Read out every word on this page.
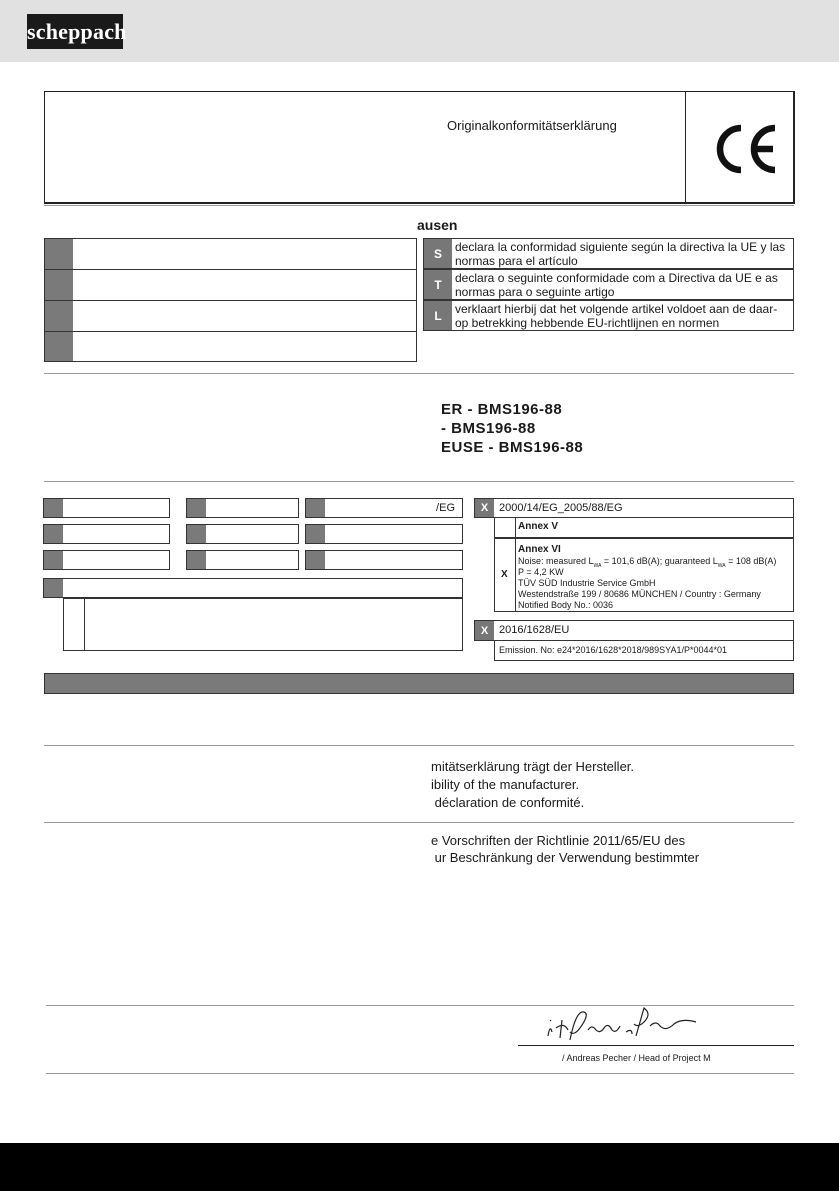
scheppach
Originalkonformitätserklärung
ausen
S	declara la conformidad siguiente según la directiva la UE y las normas para el artículo
T	declara o seguinte conformidade com a Directiva da UE e as normas para o seguinte artigo
L	verklaart hierbij dat het volgende artikel voldoet aan de daar-op betrekking hebbende EU-richtlijnen en normen
ER - BMS196-88
- BMS196-88
EUSE - BMS196-88
/EG	X 2000/14/EG_2005/88/EG
Annex V
X
Annex VI
Noise: measured $L_{WA} = 101,6$ dB(A); guaranteed $L_{WA} = 108$ dB(A)
P = 4,2 KW
TÜV SÜD Industrie Service GmbH
Westendstraße 199 / 80686 MÜNCHEN / Country : Germany
Notified Body No.: 0036
X 2016/1628/EU
Emission. No: e24*2016/1628*2018/989SYA1/P*0044*01
mitätserklärung trägt der Hersteller.
ibility of the manufacturer.
déclaration de conformité.
e Vorschriften der Richtlinie 2011/65/EU des
ur Beschränkung der Verwendung bestimmter
/ Andreas Pecher / Head of Project M
